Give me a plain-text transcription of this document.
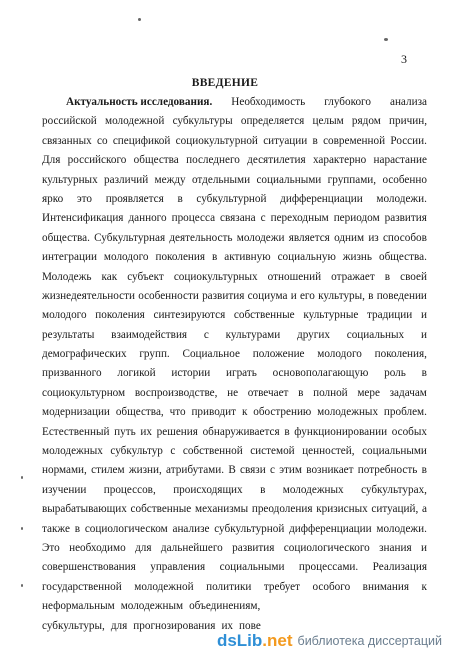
3
ВВЕДЕНИЕ
Актуальность исследования. Необходимость глубокого анализа
российской молодежной субкультуры определяется целым рядом причин,
связанных со спецификой социокультурной ситуации в современной России.
Для российского общества последнего десятилетия характерно нарастание
культурных различий между отдельными социальными группами, особенно
ярко это проявляется в субкультурной дифференциации молодежи.
Интенсификация данного процесса связана с переходным периодом развития
общества. Субкультурная деятельность молодежи является одним из способов
интеграции молодого поколения в активную социальную жизнь общества.
Молодежь как субъект социокультурных отношений отражает в своей
жизнедеятельности особенности развития социума и его культуры, в поведении
молодого поколения синтезируются собственные культурные традиции и
результаты взаимодействия с культурами других социальных и
демографических групп. Социальное положение молодого поколения,
призванного логикой истории играть основополагающую роль в
социокультурном воспроизводстве, не отвечает в полной мере задачам
модернизации общества, что приводит к обострению молодежных проблем.
Естественный путь их решения обнаруживается в функционировании особых
молодежных субкультур с собственной системой ценностей, социальными
нормами, стилем жизни, атрибутами. В связи с этим возникает потребность в
изучении процессов, происходящих в молодежных субкультурах,
вырабатывающих собственные механизмы преодоления кризисных ситуаций, а
также в социологическом анализе субкультурной дифференциации молодежи.
Это необходимо для дальнейшего развития социологического знания и
совершенствования управления социальными процессами. Реализация
государственной молодежной политики требует особого внимания к
неформальным молодежным объединениям,
субкультуры, для прогнозирования их пове
dsLib.net библиотека диссертаций
